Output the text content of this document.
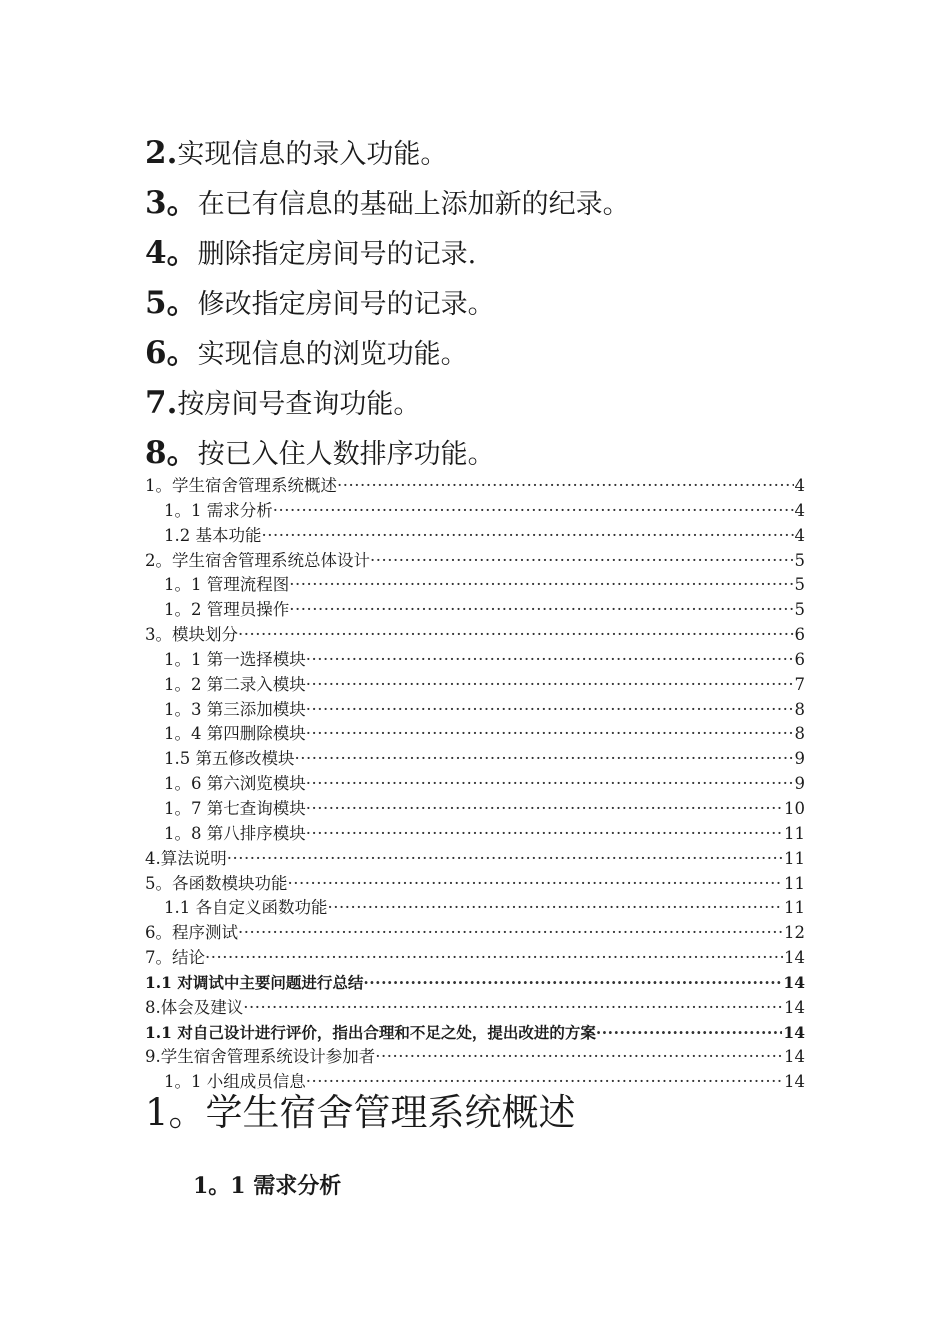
2.实现信息的录入功能。
3。在已有信息的基础上添加新的纪录。
4。删除指定房间号的记录.
5。修改指定房间号的记录。
6。实现信息的浏览功能。
7.按房间号查询功能。
8。按已入住人数排序功能。
1。学生宿舍管理系统概述 ·····	4
1。1 需求分析 ·····	4
1.2 基本功能 ·····	4
2。学生宿舍管理系统总体设计 ·····	5
1。1 管理流程图 ·····	5
1。2 管理员操作 ·····	5
3。模块划分 ·····	6
1。1 第一选择模块 ·····	6
1。2 第二录入模块 ·····	7
1。3 第三添加模块 ·····	8
1。4 第四删除模块 ·····	8
1.5 第五修改模块 ·····	9
1。6 第六浏览模块 ·····	9
1。7 第七查询模块 ·····	10
1。8 第八排序模块 ·····	11
4.算法说明 ·····	11
5。各函数模块功能 ·····	11
1.1 各自定义函数功能 ·····	11
6。程序测试 ·····	12
7。结论 ·····	14
1.1 对调试中主要问题进行总结 ·····	14
8.体会及建议 ·····	14
1.1 对自己设计进行评价，指出合理和不足之处，提出改进的方案 ·····	14
9.学生宿舍管理系统设计参加者 ·····	14
1。1 小组成员信息 ·····	14
1。学生宿舍管理系统概述
1。1 需求分析
